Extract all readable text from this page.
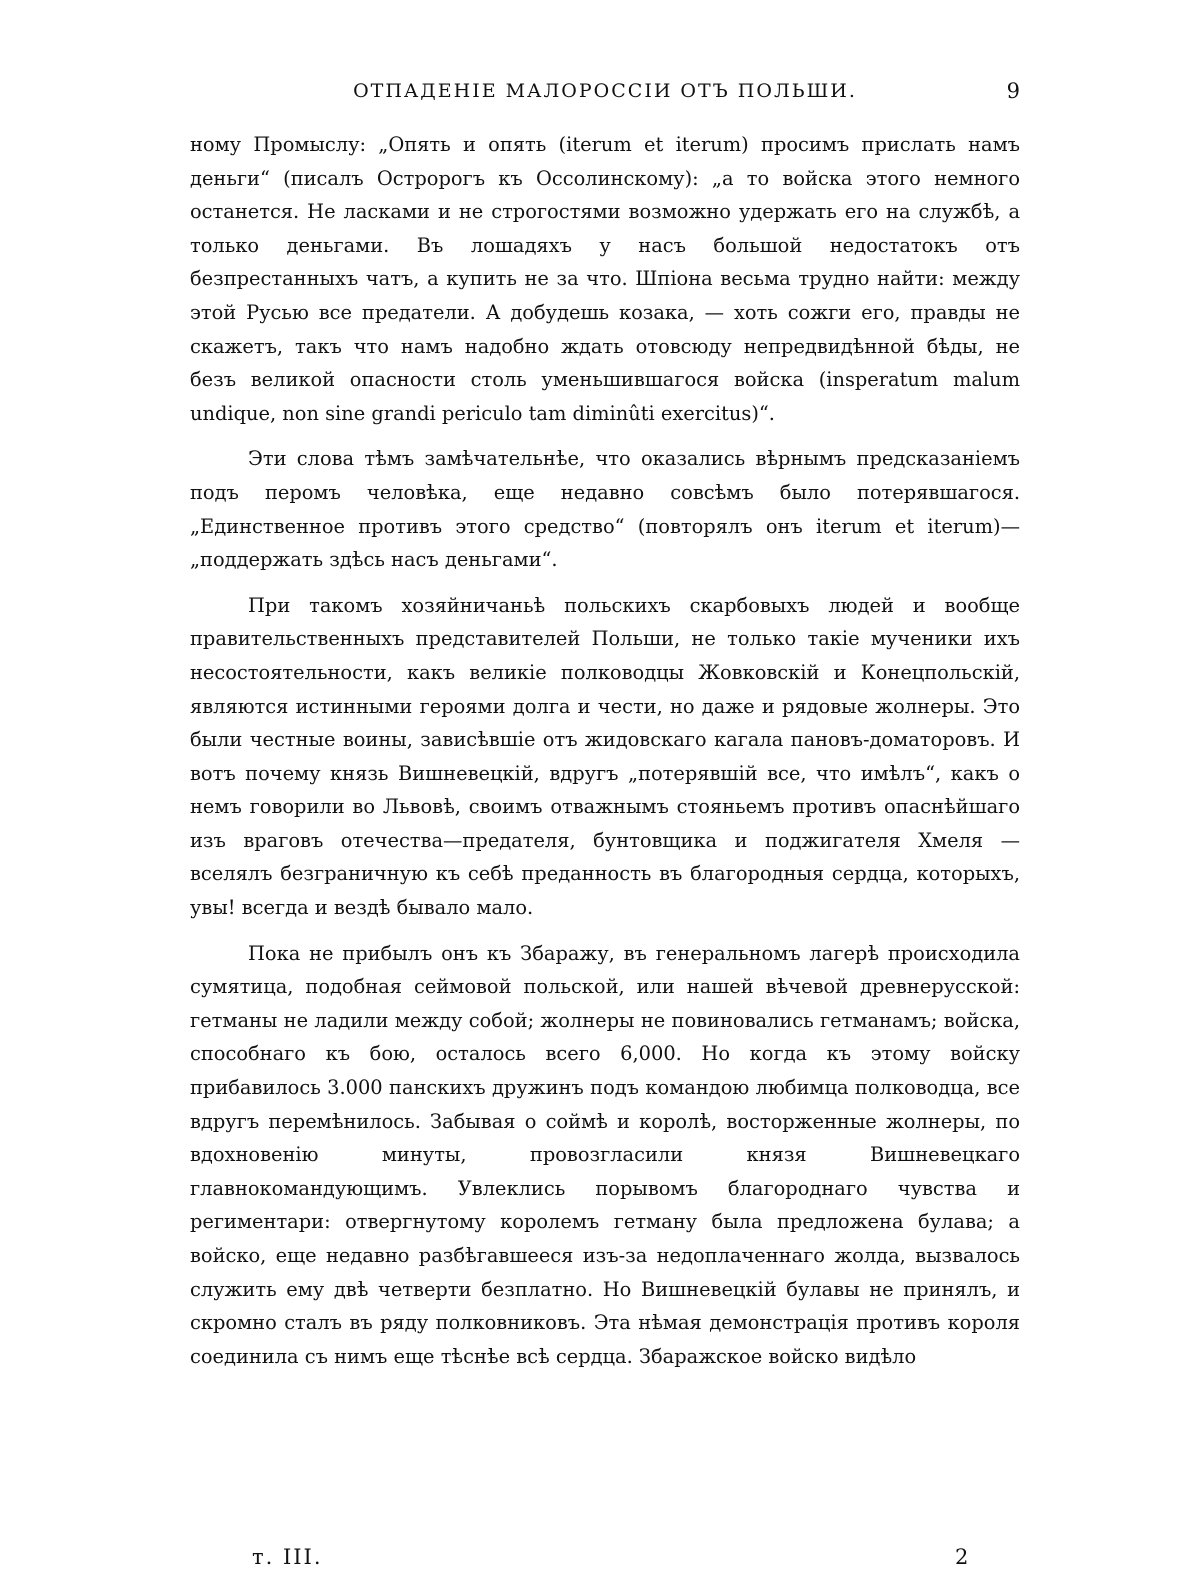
ОТПАДЕНІЕ МАЛОРОССІИ ОТЪ ПОЛЬШИ.	9

ному Промыслу: „Опять и опять (iterum et iterum) просимъ прислать намъ деньги“ (писалъ Остророгъ къ Оссолинскому): „а то войска этого немного останется. Не ласками и не строгостями возможно удержать его на службѣ, а только деньгами. Въ лошадяхъ у насъ большой недостатокъ отъ безпрестанныхъ чатъ, а купить не за что. Шпiона весьма трудно найти: между этой Русью все предатели. А добудешь козака, — хоть сожги его, правды не скажетъ, такъ что намъ надобно ждать отовсюду непредвидѣнной бѣды, не безъ великой опасности столь уменьшившагося войска (insperatum malum undique, non sine grandi periculo tam diminûti exercitus)“.

Эти слова тѣмъ замѣчательнѣе, что оказались вѣрнымъ предсказанiемъ подъ перомъ человѣка, еще недавно совсѣмъ было потерявшагося. „Единственное противъ этого средство“ (повторялъ онъ iterum et iterum)—„поддержать здѣсь насъ деньгами“.

При такомъ хозяйничаньѣ польскихъ скарбовыхъ людей и вообще правительственныхъ представителей Польши, не только такiе мученики ихъ несостоятельности, какъ великiе полководцы Жовковскiй и Конецпольскiй, являются истинными героями долга и чести, но даже и рядовые жолнеры. Это были честные воины, зависѣвшiе отъ жидовскаго кагала пановъ-доматоровъ. И вотъ почему князь Вишневецкiй, вдругъ „потерявшiй все, что имѣлъ“, какъ о немъ говорили во Львовѣ, своимъ отважнымъ стояньемъ противъ опаснѣйшаго изъ враговъ отечества—предателя, бунтовщика и поджигателя Хмеля — вселялъ безграничную къ себѣ преданность въ благородныя сердца, которыхъ, увы! всегда и вездѣ бывало мало.

Пока не прибылъ онъ къ Збаражу, въ генеральномъ лагерѣ происходила сумятица, подобная сеймовой польской, или нашей вѣчевой древнерусской: гетманы не ладили между собой; жолнеры не повиновались гетманамъ; войска, способнаго къ бою, осталось всего 6,000. Но когда къ этому войску прибавилось 3.000 панскихъ дружинъ подъ командою любимца полководца, все вдругъ перемѣнилось. Забывая о соймѣ и королѣ, восторженные жолнеры, по вдохновенiю минуты, провозгласили князя Вишневецкаго главнокомандующимъ. Увлеклись порывомъ благороднаго чувства и региментари: отвергнутому королемъ гетману была предложена булава; а войско, еще недавно разбѣгавшееся изъ-за недоплаченнаго жолда, вызвалось служить ему двѣ четверти безплатно. Но Вишневецкiй булавы не принялъ, и скромно сталъ въ ряду полковниковъ. Эта нѣмая демонстрацiя противъ короля соединила съ нимъ еще тѣснѣе всѣ сердца. Збаражское войско видѣло

т. III.	2
